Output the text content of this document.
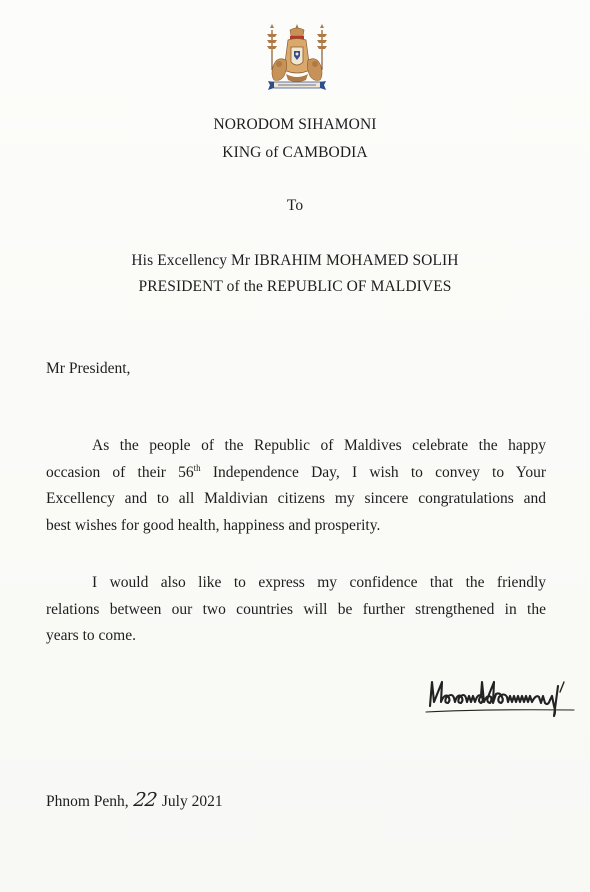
NORODOM SIHAMONI
KING of CAMBODIA
To
His Excellency Mr IBRAHIM MOHAMED SOLIH
PRESIDENT of the REPUBLIC OF MALDIVES
Mr President,
As the people of the Republic of Maldives celebrate the happy
occasion of their 56th Independence Day, I wish to convey to Your
Excellency and to all Maldivian citizens my sincere congratulations and
best wishes for good health, happiness and prosperity.
I would also like to express my confidence that the friendly
relations between our two countries will be further strengthened in the
years to come.
Phnom Penh, 22 July 2021
